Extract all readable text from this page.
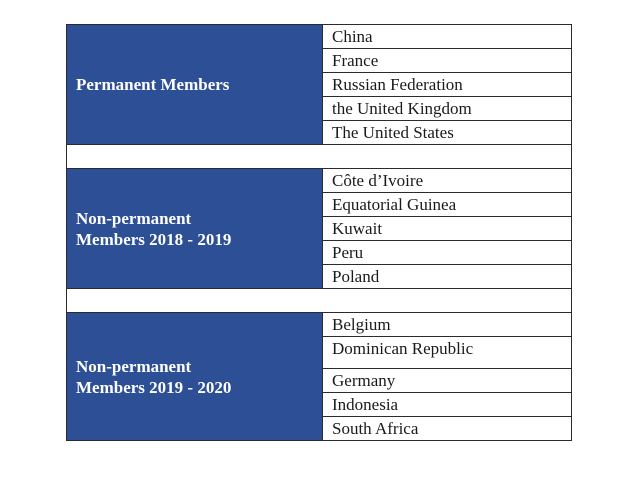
Permanent Members	China
	France
	Russian Federation
	the United Kingdom
	The United States

Non-permanent
Members 2018 - 2019	Côte d’Ivoire
	Equatorial Guinea
	Kuwait
	Peru
	Poland

Non-permanent
Members 2019 - 2020	Belgium
	Dominican Republic
	Germany
	Indonesia
	South Africa
